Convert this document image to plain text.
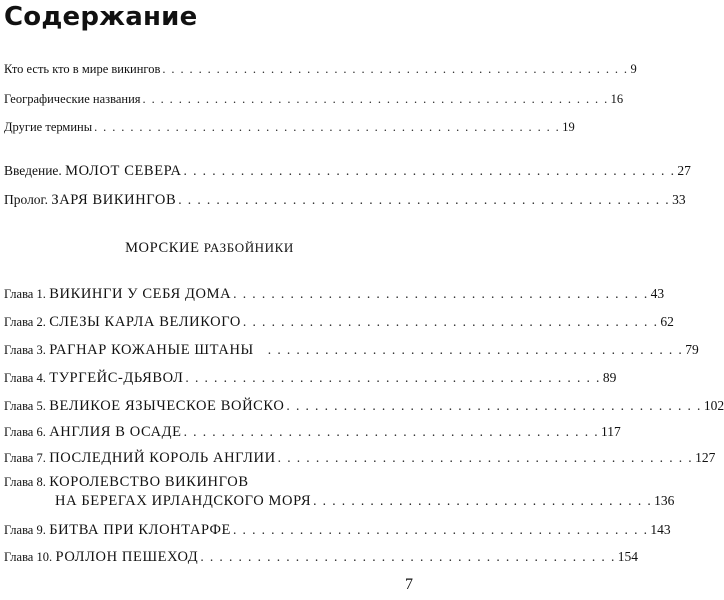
Содержание
Кто есть кто в мире викингов . . . . . . . . . . . . . . . . . . . . . . . . . . . . . . . . . . . . . . . . . . . . . . . . . . . . 9
Географические названия . . . . . . . . . . . . . . . . . . . . . . . . . . . . . . . . . . . . . . . . . . . . . . . . . . . . 16
Другие термины . . . . . . . . . . . . . . . . . . . . . . . . . . . . . . . . . . . . . . . . . . . . . . . . . . . . 19
Введение. МОЛОТ СЕВЕРА . . . . . . . . . . . . . . . . . . . . . . . . . . . . . . . . . . . . . . . . . . . . . . . . . . . . 27
Пролог. ЗАРЯ ВИКИНГОВ . . . . . . . . . . . . . . . . . . . . . . . . . . . . . . . . . . . . . . . . . . . . . . . . . . . . 33
МОРСКИЕ РАЗБОЙНИКИ
Глава 1. ВИКИНГИ У СЕБЯ ДОМА . . . . . . . . . . . . . . . . . . . . . . . . . . . . . . . . . . . . . . . . . . . . 43
Глава 2. СЛЕЗЫ КАРЛА ВЕЛИКОГО . . . . . . . . . . . . . . . . . . . . . . . . . . . . . . . . . . . . . . . . . . . . 62
Глава 3. РАГНАР КОЖАНЫЕ ШТАНЫ . . . . . . . . . . . . . . . . . . . . . . . . . . . . . . . . . . . . . . . . . . . . 79
Глава 4. ТУРГЕЙС-ДЬЯВОЛ . . . . . . . . . . . . . . . . . . . . . . . . . . . . . . . . . . . . . . . . . . . . 89
Глава 5. ВЕЛИКОЕ ЯЗЫЧЕСКОЕ ВОЙСКО . . . . . . . . . . . . . . . . . . . . . . . . . . . . . . . . . . . . . . . . . . . . 102
Глава 6. АНГЛИЯ В ОСАДЕ . . . . . . . . . . . . . . . . . . . . . . . . . . . . . . . . . . . . . . . . . . . . 117
Глава 7. ПОСЛЕДНИЙ КОРОЛЬ АНГЛИИ . . . . . . . . . . . . . . . . . . . . . . . . . . . . . . . . . . . . . . . . . . . . 127
Глава 8. КОРОЛЕВСТВО ВИКИНГОВ
НА БЕРЕГАХ ИРЛАНДСКОГО МОРЯ . . . . . . . . . . . . . . . . . . . . . . . . . . . . . . . . . . . . 136
Глава 9. БИТВА ПРИ КЛОНТАРФЕ . . . . . . . . . . . . . . . . . . . . . . . . . . . . . . . . . . . . . . . . . . . . 143
Глава 10. РОЛЛОН ПЕШЕХОД . . . . . . . . . . . . . . . . . . . . . . . . . . . . . . . . . . . . . . . . . . . . 154
7
